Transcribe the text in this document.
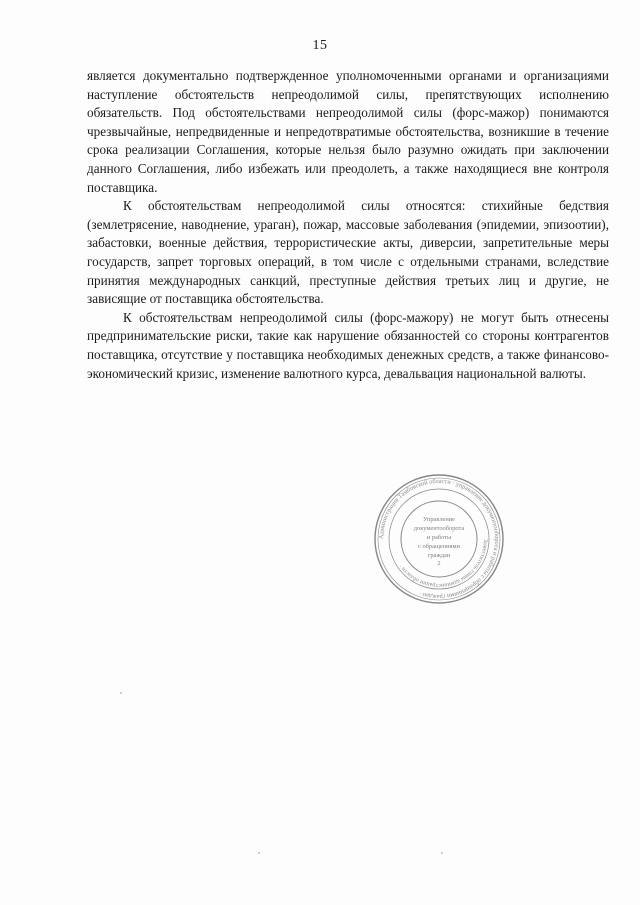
15

является документально подтвержденное уполномоченными органами и организациями наступление обстоятельств непреодолимой силы, препятствующих исполнению обязательств. Под обстоятельствами непреодолимой силы (форс-мажор) понимаются чрезвычайные, непредвиденные и непредотвратимые обстоятельства, возникшие в течение срока реализации Соглашения, которые нельзя было разумно ожидать при заключении данного Соглашения, либо избежать или преодолеть, а также находящиеся вне контроля поставщика.

К обстоятельствам непреодолимой силы относятся: стихийные бедствия (землетрясение, наводнение, ураган), пожар, массовые заболевания (эпидемии, эпизоотии), забастовки, военные действия, террористические акты, диверсии, запретительные меры государств, запрет торговых операций, в том числе с отдельными странами, вследствие принятия международных санкций, преступные действия третьих лиц и другие, не зависящие от поставщика обстоятельства.

К обстоятельствам непреодолимой силы (форс-мажору) не могут быть отнесены предпринимательские риски, такие как нарушение обязанностей со стороны контрагентов поставщика, отсутствие у поставщика необходимых денежных средств, а также финансово-экономический кризис, изменение валютного курса, девальвация национальной валюты.

Администрация Тамбовской области · управление документооборота и работы с обращениями граждан ·
Заместитель главы администрации области ·
Управление
документооборота
и работы
с обращениями
граждан
2
